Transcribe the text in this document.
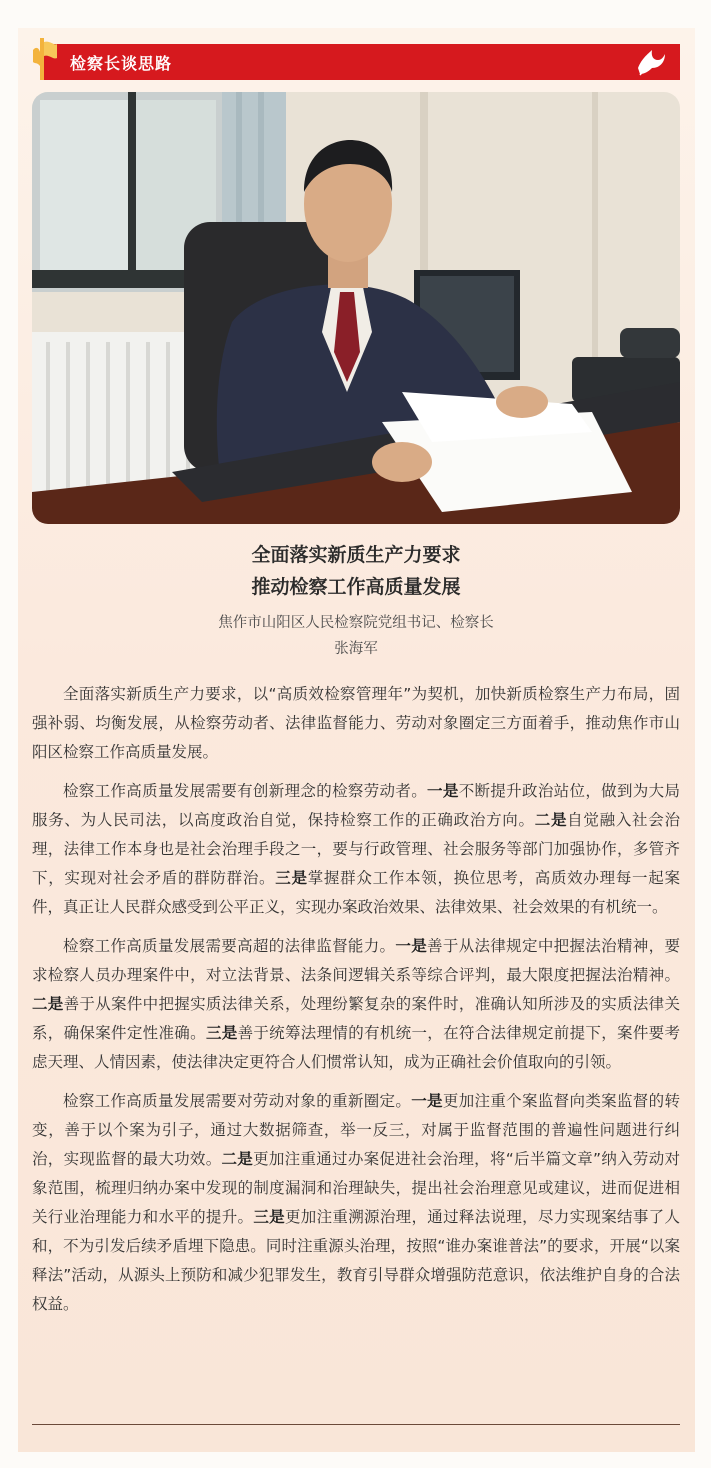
检察长谈思路
全面落实新质生产力要求
推动检察工作高质量发展
焦作市山阳区人民检察院党组书记、检察长
张海军

全面落实新质生产力要求，以“高质效检察管理年”为契机，加快新质检察生产力布局，固强补弱、均衡发展，从检察劳动者、法律监督能力、劳动对象圈定三方面着手，推动焦作市山阳区检察工作高质量发展。

检察工作高质量发展需要有创新理念的检察劳动者。一是不断提升政治站位，做到为大局服务、为人民司法，以高度政治自觉，保持检察工作的正确政治方向。二是自觉融入社会治理，法律工作本身也是社会治理手段之一，要与行政管理、社会服务等部门加强协作，多管齐下，实现对社会矛盾的群防群治。三是掌握群众工作本领，换位思考，高质效办理每一起案件，真正让人民群众感受到公平正义，实现办案政治效果、法律效果、社会效果的有机统一。

检察工作高质量发展需要高超的法律监督能力。一是善于从法律规定中把握法治精神，要求检察人员办理案件中，对立法背景、法条间逻辑关系等综合评判，最大限度把握法治精神。二是善于从案件中把握实质法律关系，处理纷繁复杂的案件时，准确认知所涉及的实质法律关系，确保案件定性准确。三是善于统筹法理情的有机统一，在符合法律规定前提下，案件要考虑天理、人情因素，使法律决定更符合人们惯常认知，成为正确社会价值取向的引领。

检察工作高质量发展需要对劳动对象的重新圈定。一是更加注重个案监督向类案监督的转变，善于以个案为引子，通过大数据筛查，举一反三，对属于监督范围的普遍性问题进行纠治，实现监督的最大功效。二是更加注重通过办案促进社会治理，将“后半篇文章”纳入劳动对象范围，梳理归纳办案中发现的制度漏洞和治理缺失，提出社会治理意见或建议，进而促进相关行业治理能力和水平的提升。三是更加注重溯源治理，通过释法说理，尽力实现案结事了人和，不为引发后续矛盾埋下隐患。同时注重源头治理，按照“谁办案谁普法”的要求，开展“以案释法”活动，从源头上预防和减少犯罪发生，教育引导群众增强防范意识，依法维护自身的合法权益。
